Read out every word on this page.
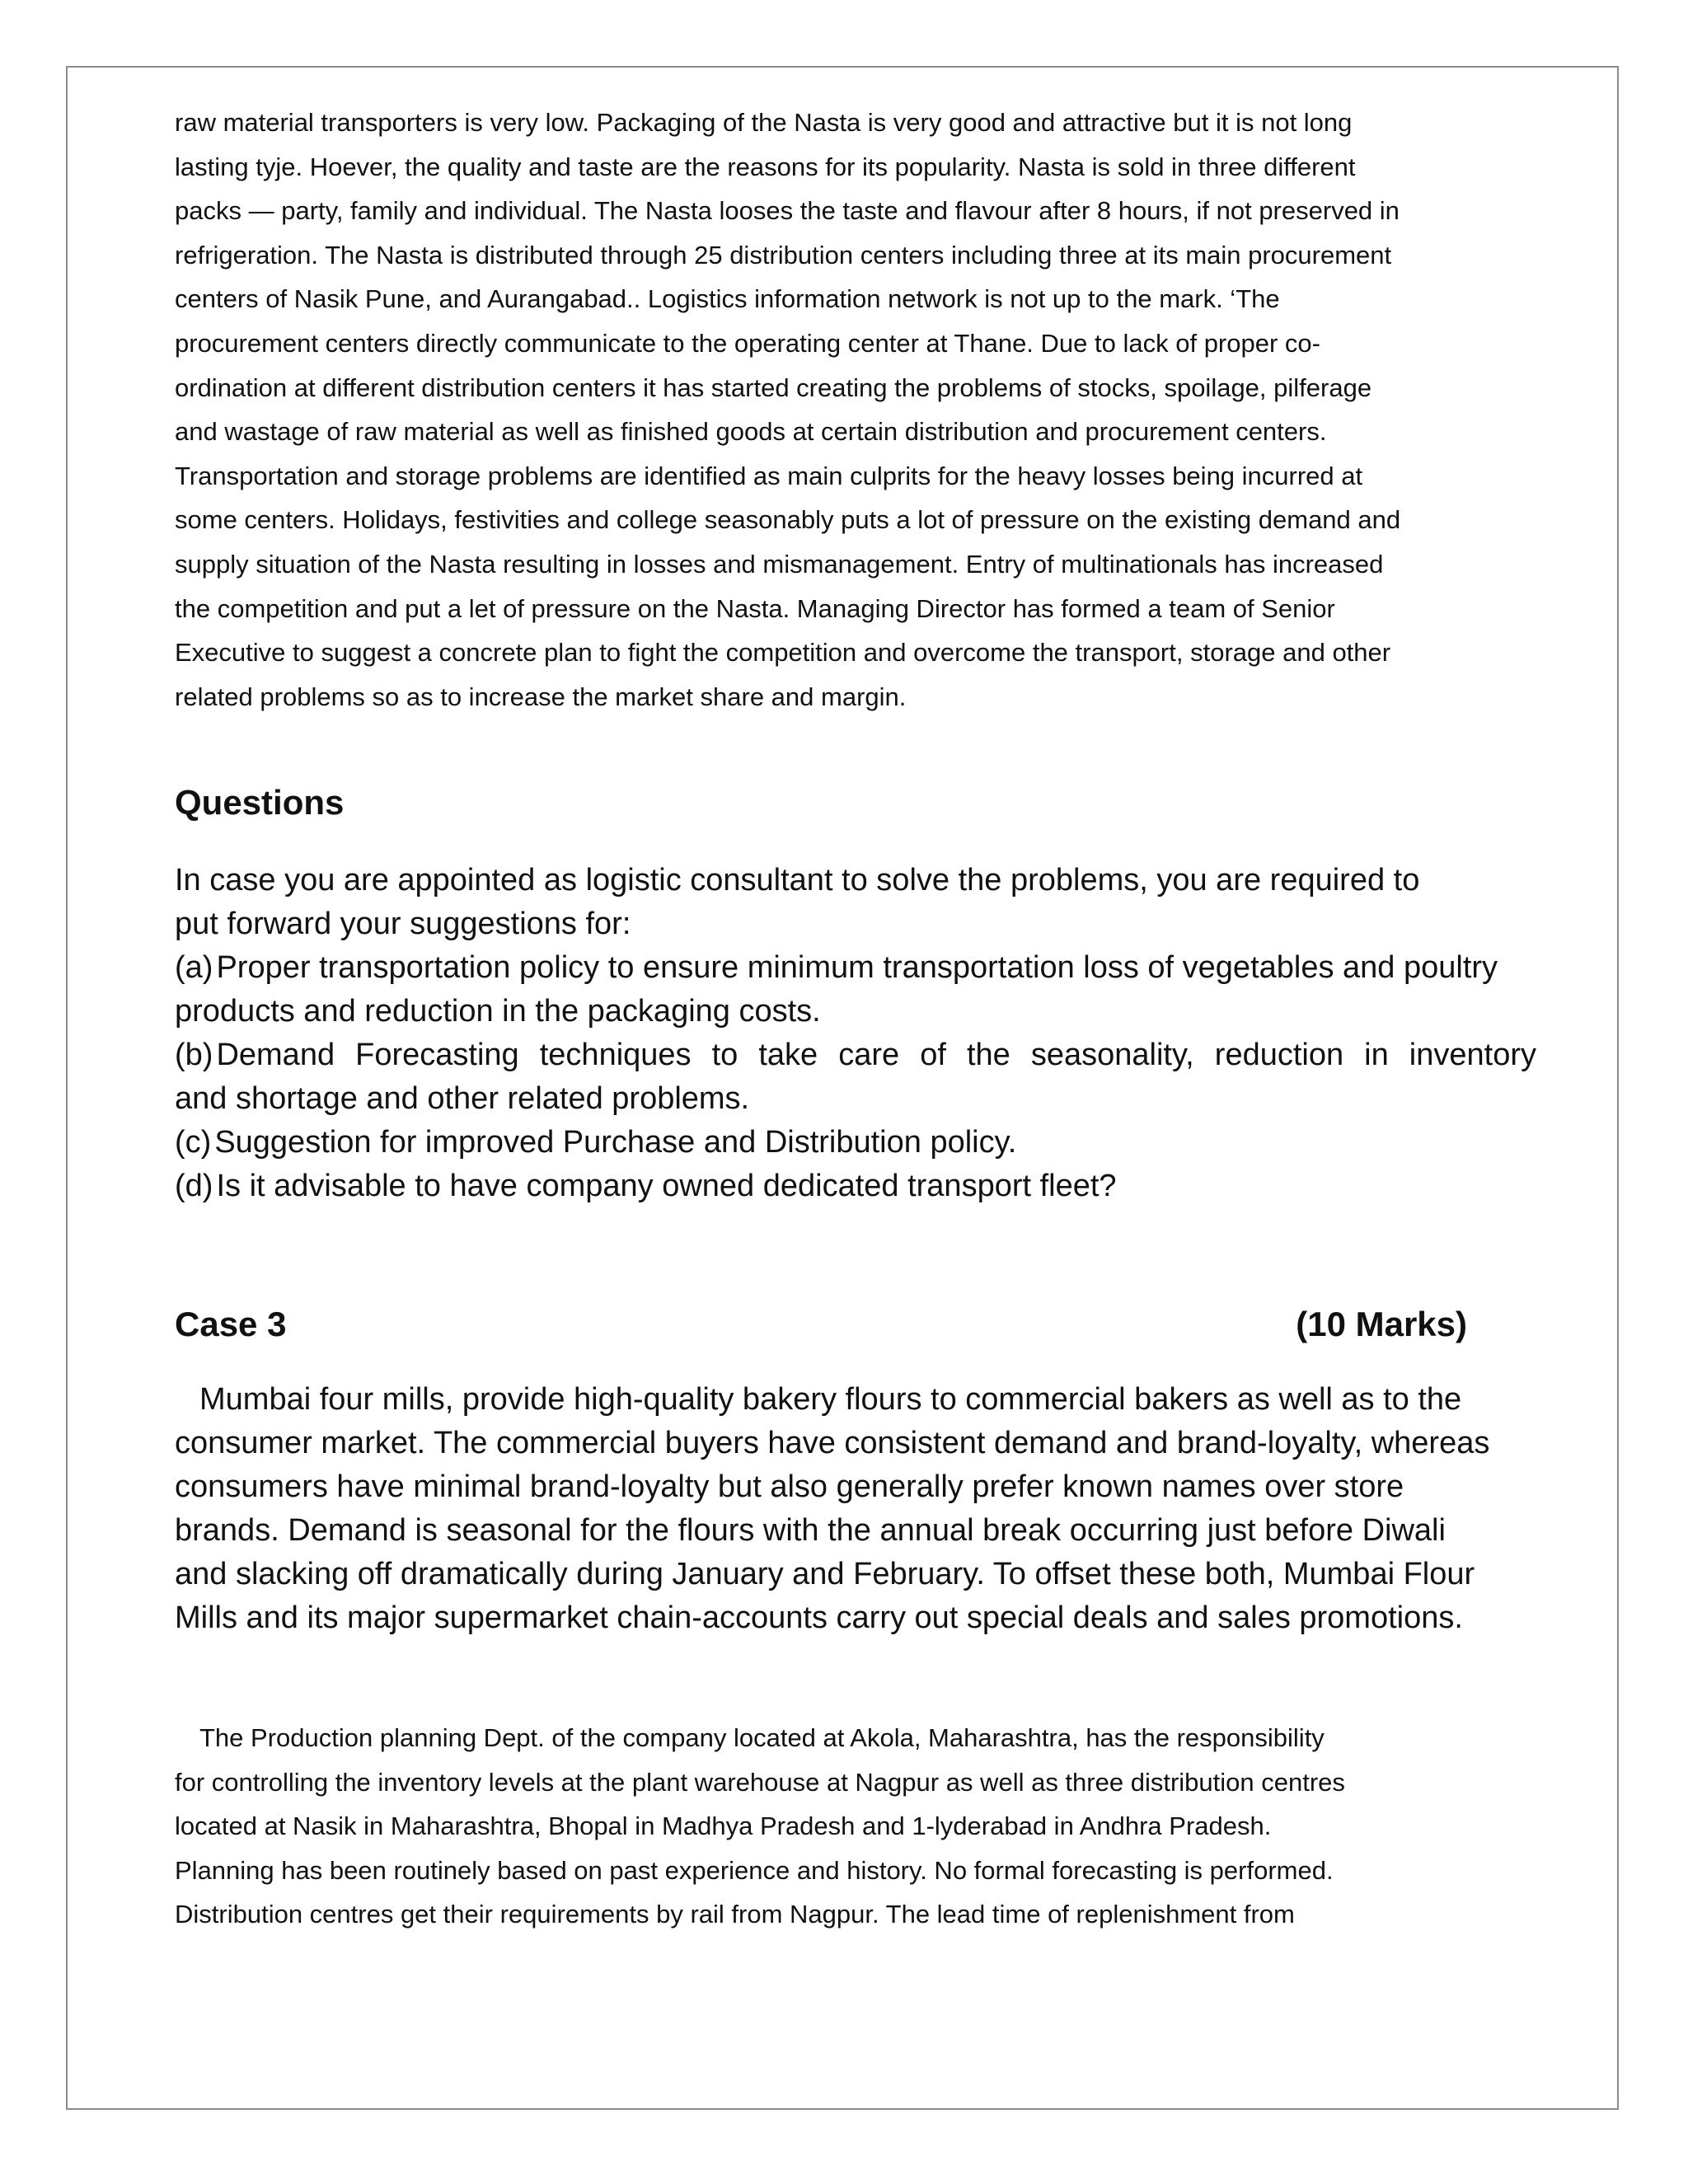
raw material transporters is very low. Packaging of the Nasta is very good and attractive but it is not long

lasting tyje. Hoever, the quality and taste are the reasons for its popularity. Nasta is sold in three different

packs — party, family and individual. The Nasta looses the taste and flavour after 8 hours, if not preserved in

refrigeration. The Nasta is distributed through 25 distribution centers including three at its main procurement

centers of Nasik Pune, and Aurangabad.. Logistics information network is not up to the mark. ‘The

procurement centers directly communicate to the operating center at Thane. Due to lack of proper co-

ordination at different distribution centers it has started creating the problems of stocks, spoilage, pilferage

and wastage of raw material as well as finished goods at certain distribution and procurement centers.

Transportation and storage problems are identified as main culprits for the heavy losses being incurred at

some centers. Holidays, festivities and college seasonably puts a lot of pressure on the existing demand and

supply situation of the Nasta resulting in losses and mismanagement. Entry of multinationals has increased

the competition and put a let of pressure on the Nasta. Managing Director has formed a team of Senior

Executive to suggest a concrete plan to fight the competition and overcome the transport, storage and other

related problems so as to increase the market share and margin.

Questions

In case you are appointed as logistic consultant to solve the problems, you are required to

put forward your suggestions for:

(a) Proper transportation policy to ensure minimum transportation loss of vegetables and poultry
products and reduction in the packaging costs.
(b) Demand Forecasting techniques to take care of the seasonality, reduction in inventory
and shortage and other related problems.
(c) Suggestion for improved Purchase and Distribution policy.
(d) Is it advisable to have company owned dedicated transport fleet?
Case 3	(10 Marks)

Mumbai four mills, provide high-quality bakery flours to commercial bakers as well as to the

consumer market. The commercial buyers have consistent demand and brand-loyalty, whereas

consumers have minimal brand-loyalty but also generally prefer known names over store

brands. Demand is seasonal for the flours with the annual break occurring just before Diwali

and slacking off dramatically during January and February. To offset these both, Mumbai Flour

Mills and its major supermarket chain-accounts carry out special deals and sales promotions.

The Production planning Dept. of the company located at Akola, Maharashtra, has the responsibility

for controlling the inventory levels at the plant warehouse at Nagpur as well as three distribution centres

located at Nasik in Maharashtra, Bhopal in Madhya Pradesh and 1-lyderabad in Andhra Pradesh.

Planning has been routinely based on past experience and history. No formal forecasting is performed.

Distribution centres get their requirements by rail from Nagpur. The lead time of replenishment from
